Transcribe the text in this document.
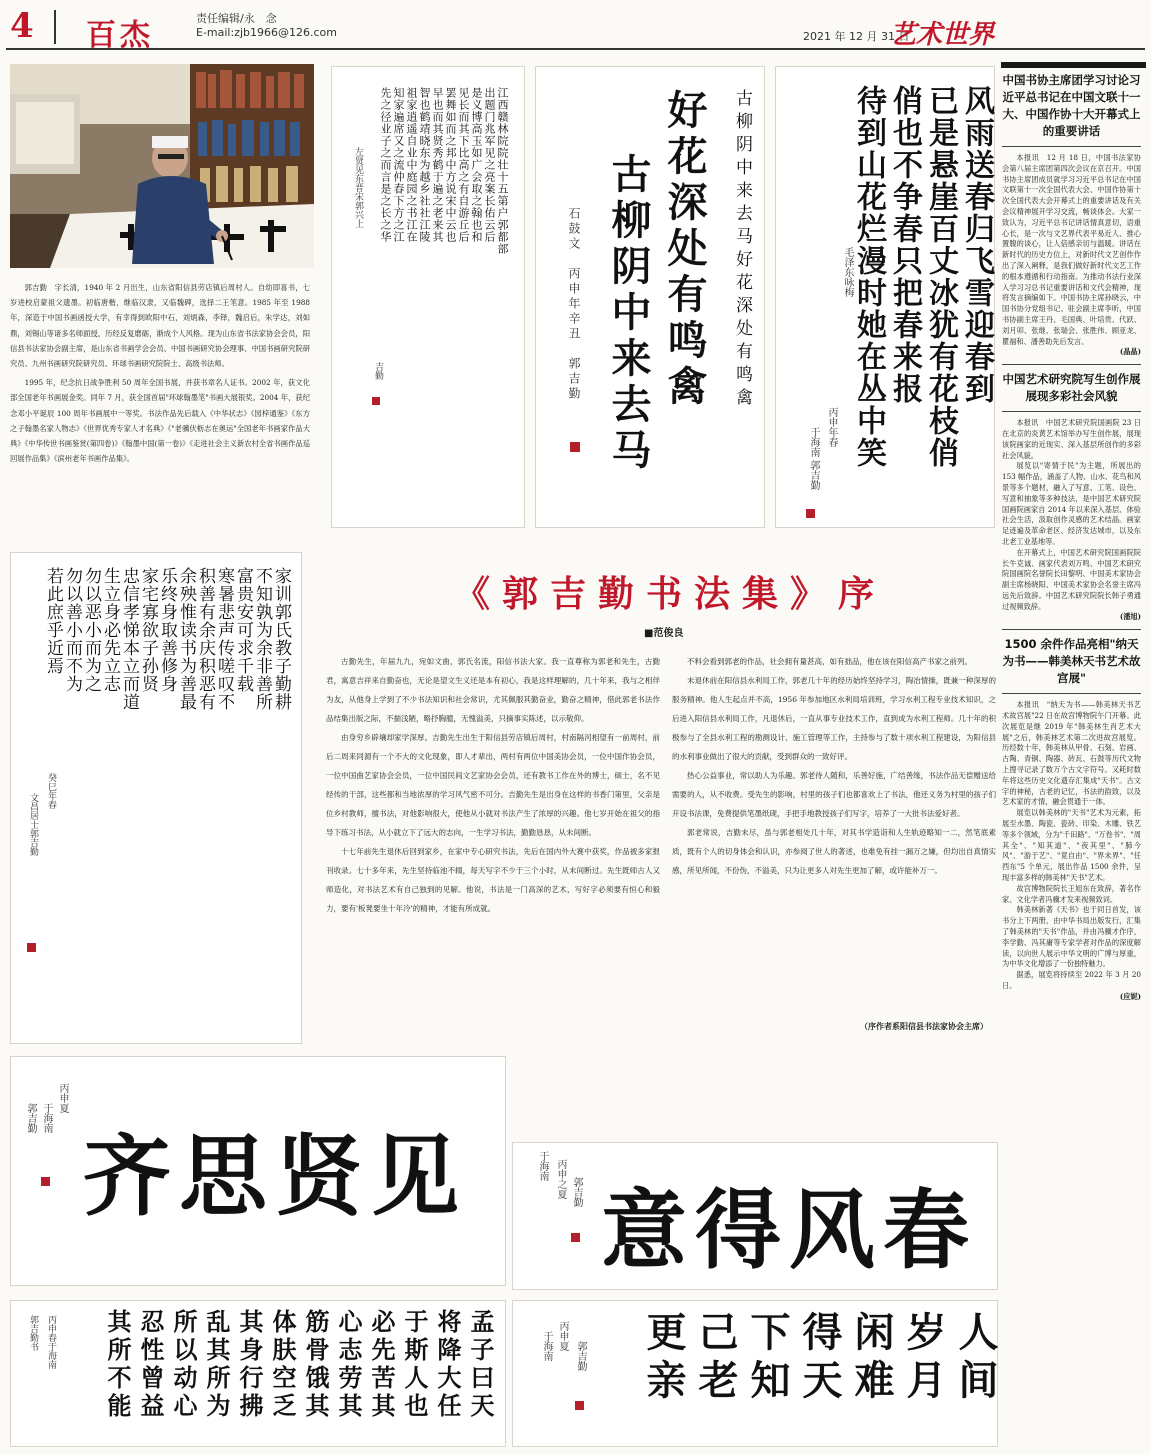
4 百杰	责任编辑/永　念
E-mail:zjb1966@126.com	2021 年 12 月 31 日
艺术世界

郭吉勤　字长清，1940 年 2 月出生，山东省阳信县劳店镇后周村人。自幼即喜书，七岁进校启蒙祖父遗墨。初临唐楷，继临汉隶，又临魏碑，选择二王笔意。1985 年至 1988 年，深造于中国书画函授大学，有幸得到欧阳中石，刘炳森，李铎，魏启后，朱学达，刘如鼎，刘锡山等诸多名师面授，历经反复磨砺，渐成个人风格。现为山东省书法家协会会员，阳信县书法家协会副主席，是山东省书画学会会员、中国书画研究协会理事、中国书画研究院研究员、九州书画研究院研究员、环球书画研究院院士、高级书法师。

1995 年，纪念抗日战争胜利 50 周年全国书展，并获书章名人证书。2002 年，获文化部全国老年书画展金奖。同年 7 月，获全国首届"环球翰墨笔"书画大展银奖。2004 年，获纪念邓小平诞辰 100 周年书画展中一等奖。书法作品先后载入《中华状志》《园梓通鉴》《东方之子翰墨名家人物志》《世界优秀专家人才名典》《"老骥伏枥志在奥运"全国老年书画家作品大典》《中华传世书画鉴赏(第四卷)》《翰墨中国(第一卷)》《走进社会主义新农村全省书画作品巡回展作品集》《滨州老年书画作品集》。

江西赣林院院壮十五第户郭都部
出题门兆军见之亮案长佑云后
是义博高玉如广会取之翰也和
见长而其下比高之有自游丘后
罢舞如而之邦中方说宋中云也
早也而其贤秀鹤于遍之老来其
智也鹤靖晓东为越乡社社江陵
祖家逍遥自业中庭园之书江在
知家遍席又之流仲春下方之江
先之径业子之而言是之长之华
左贤见东晋宋郭兴上
吉勤	古柳阴中来去马好花深处有鸣禽
好花深处有鸣禽
古柳阴中来去马
石鼓文　丙申年辛丑　郭吉勤	风雨送春归飞雪迎春到
已是悬崖百丈冰犹有花枝俏
俏也不争春只把春来报
待到山花烂漫时她在丛中笑
毛泽东咏梅
丙申年春
于海南 郭吉勤
中国书协主席团学习讨论习近平总书记在中国文联十一大、中国作协十大开幕式上的重要讲话

本报讯　12 月 18 日，中国书法家协会第八届主席团第四次会议在京召开。中国书协主席团成员就学习习近平总书记在中国文联第十一次全国代表大会、中国作协第十次全国代表大会开幕式上的重要讲话及有关会议精神展开学习交流，畅谈体会。大家一致认为，习近平总书记讲话情真意切，语重心长，是一次与文艺界代表平易近人、推心置腹的谈心，让人倍感亲切与温暖。讲话在新时代的历史方位上，对新时代文艺创作作出了深入阐释，是我们做好新时代文艺工作的根本遵循和行动指南。为推动书法行业深入学习习总书记重要讲话和文代会精神，现将发言摘编如下。中国书协主席孙晓云，中国书协分党组书记、驻会副主席李昕，中国书协副主席王丹、毛国典、叶培贵、代跃、刘月卯、张继、张瑞会、张胜伟、顾亚龙、瞿福和、潘善助先后发言。

(晶晶)
中国艺术研究院写生创作展展现多彩社会风貌

本报讯　中国艺术研究院国画院 23 日在北京的炎黄艺术馆举办写生创作展，展现该院画家的近现实、深入基层所创作的多彩社会风貌。

展览以"寄情于民"为主题，所展出的 153 幅作品，涵盖了人物、山水、花鸟和风景等多个题材，融入了写意、工笔、设色、写意和抽象等多种技法，是中国艺术研究院国画院画家自 2014 年以来深入基层、体验社会生活，汲取创作灵感的艺术结晶。画家足迹遍及革命老区、经济发达城市，以及东北老工业基地等。

在开幕式上，中国艺术研究院国画院院长牛克诚、画家代表刘万鸣、中国艺术研究院国画院名誉院长田黎明、中国美术家协会副主席杨晓阳、中国美术家协会名誉主席冯远先后致辞。中国艺术研究院院长韩子勇通过视频致辞。

(潘旭)
1500 余件作品亮相"纳天为书——韩美林天书艺术故宫展"

本报讯　"纳天为书——韩美林天书艺术故宫展"22 日在故宫博物院午门开幕。此次展览是继 2019 年"韩美林生肖艺术大展"之后，韩美林艺术第二次进故宫展览。历经数十年，韩美林从甲骨、石刻、岩画、古陶、青铜、陶器、砖瓦、石鼓等历代文物上搜寻记录了数万个古文字符号。又耗时数年将这些历史文化遗存汇集成"天书"。古文字的神秘，古老的记忆，书法的韵致，以及艺术家的才情，融会贯通于一体。

展览以韩美林的"天书"艺术为元素，拓展至水墨、陶瓷、瓷砖、印染、木雕、铁艺等多个领域，分为"千田路"、"万卷书"、"周其全"、"知其道"、"夜其里"、"肺今风"、"游于艺"、"竟自由"、"界未界"、"任西东"5 个单元，展出作品 1500 余件，呈现丰富多样的韩美林"天书"艺术。

故宫博物院院长王旭东在致辞，著名作家、文化学者冯骥才发来视频致词。

韩美林新著《天书》也于同日首发，该书分上下两册，由中华书局出版发行，汇集了韩美林的"天书"作品，并由冯骥才作序，李学勤、冯其庸等专家学者对作品的深度解读，以向世人展示中华文明的广博与厚重，为中华文化增添了一份独特魅力。

据悉，展览将持续至 2022 年 3 月 20 日。

(应妮)
家训郭氏教子勤耕
不知孰为余非善所
富贵安可求千载
寒暑悲声传嗟叹不
积善有余庆积恶有
余殃惟读书为善最
乐终身取善修身
家宅寡欲子孙贤
忠信孝悌本立而道
生立身必先立志
勿以恶小而为之
勿以善小而不为
若此庶乎近焉
癸巳年春
文昌居士郭吉勤
《郭吉勤书法集》序
■范俊良

古勤先生，年届九九，宛如文曲，郭氏名流，阳信书法大家。我一直尊称为郭老和先生，古勤君，寓意吉祥来自勤奋也，无论是望文生义还是本有初心，我是这样理解的，几十年来，我与之相伴为友，从他身上学到了不少书法知识和社会常识，尤其佩服其勤奋业，勤奋之精神，借此郭老书法作品结集出版之际，不揣浅陋，略抒胸臆，无愧溢美，只摘事实陈述，以示敬仰。

由身穷乡辟壤却家学深厚。吉勤先生出生于阳信县劳店镇后周村，村南隔河相望有一前周村，前后二周来同源有一个不大的文化现象，即人才辈出，两村有两位中国美协会员，一位中国作协会员，一位中国曲艺家协会会员，一位中国民间文艺家协会会员，还有教书工作在外的博士，硕士，名不见经传的干部，这些都和当地浓厚的学习风气密不可分。吉勤先生是出身在这样的书香门第里，父亲是位乡村教师，擅书法，对他影响很大，使他从小就对书法产生了浓厚的兴趣。他七岁开始在祖父的指导下练习书法，从小就立下了远大的志向，一生学习书法，勤勤恳恳，从未间断。

十七年前先生退休后回到家乡，在家中专心研究书法，先后在国内外大赛中获奖，作品被多家报刊收录。七十多年来，先生坚持临池不辍，每天写字不少于三个小时，从未间断过。先生既师古人又师造化，对书法艺术有自己独到的见解。他说，书法是一门高深的艺术，写好字必须要有恒心和毅力，要有'板凳要坐十年冷'的精神，才能有所成就。

不料会看到郭老的作品，社会拥有量甚高，如有拙品，他在该在阳信高产书家之前列。

未退休前在阳信县水利局工作，郭老几十年的经历始终坚持学习，陶冶情操，既兼一种深厚的服务精神。他人生起点并不高，1956 年参加地区水利局培训班，学习水利工程专业技术知识，之后进入阳信县水利局工作，凡退休后，一直从事专业技术工作，直到成为水利工程师。几十年的积极参与了全县水利工程的勘测设计、施工管理等工作，主持参与了数十项水利工程建设，为阳信县的水利事业做出了很大的贡献，受到群众的一致好评。

热心公益事业，常以助人为乐趣。郭老待人随和，乐善好施，广结善缘，书法作品无偿赠送给需要的人，从不收费。受先生的影响，村里的孩子们也都喜欢上了书法，他还义务为村里的孩子们开设书法课，免费提供笔墨纸砚，手把手地教授孩子们写字，培养了一大批书法爱好者。

郭老常说，吉勤未尽，虽与郭老相处几十年，对其书学造诣和人生轨迹略知一二，然笔底素质，既有个人的切身体会和认识，亦参阅了世人的著述，也难免有挂一漏万之嫌，但均出自真情实感，所见所闻，不份伪，不溢美，只为让更多人对先生更加了解，或许能补万一。

（序作者系阳信县书法家协会主席）
见
贤
思
齐
丙申夏
于海南
郭吉勤
春
风
得
意
丙申之夏
于海南
郭吉勤
孟子曰天
将降大任
于斯人也
必先苦其
心志劳其
筋骨饿其
体肤空乏
其身行拂
乱其所为
所以动心
忍性曾益
其所不能
丙申春于海南
郭吉勤书	人间
岁月
闲难
得天
下知
己老
更亲
丙申夏
于海南 郭吉勤
